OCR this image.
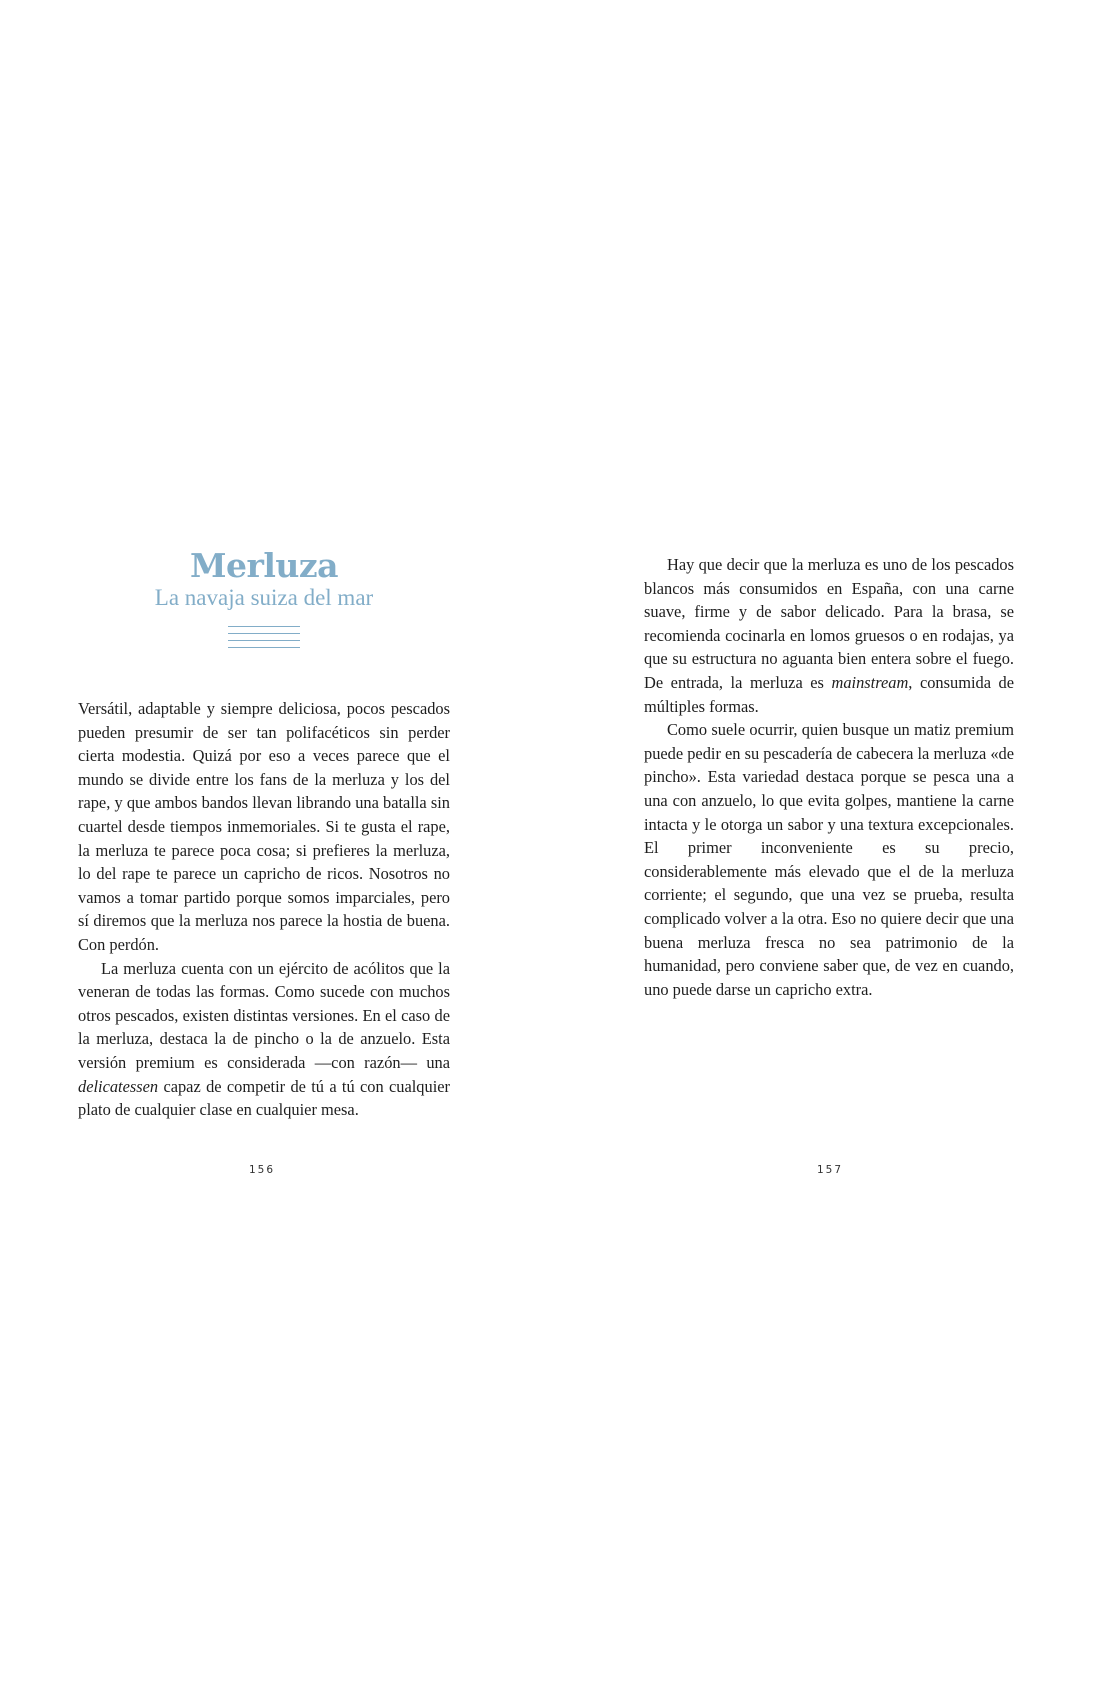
Merluza
La navaja suiza del mar

Versátil, adaptable y siempre deliciosa, pocos pescados pueden presumir de ser tan polifacéticos sin perder cierta modestia. Quizá por eso a veces parece que el mundo se divide entre los fans de la merluza y los del rape, y que ambos bandos llevan librando una batalla sin cuartel desde tiempos inmemoriales. Si te gusta el rape, la merluza te parece poca cosa; si prefieres la merluza, lo del rape te parece un capricho de ricos. Nosotros no vamos a tomar partido porque somos imparciales, pero sí diremos que la merluza nos parece la hostia de buena. Con perdón.

La merluza cuenta con un ejército de acólitos que la veneran de todas las formas. Como sucede con muchos otros pescados, existen distintas versiones. En el caso de la merluza, destaca la de pincho o la de anzuelo. Esta versión premium es considerada —con razón— una delicatessen capaz de competir de tú a tú con cualquier plato de cualquier clase en cualquier mesa.

156

Hay que decir que la merluza es uno de los pescados blancos más consumidos en España, con una carne suave, firme y de sabor delicado. Para la brasa, se recomienda cocinarla en lomos gruesos o en rodajas, ya que su estructura no aguanta bien entera sobre el fuego. De entrada, la merluza es mainstream, consumida de múltiples formas.

Como suele ocurrir, quien busque un matiz premium puede pedir en su pescadería de cabecera la merluza «de pincho». Esta variedad destaca porque se pesca una a una con anzuelo, lo que evita golpes, mantiene la carne intacta y le otorga un sabor y una textura excepcionales. El primer inconveniente es su precio, considerablemente más elevado que el de la merluza corriente; el segundo, que una vez se prueba, resulta complicado volver a la otra. Eso no quiere decir que una buena merluza fresca no sea patrimonio de la humanidad, pero conviene saber que, de vez en cuando, uno puede darse un capricho extra.

157
